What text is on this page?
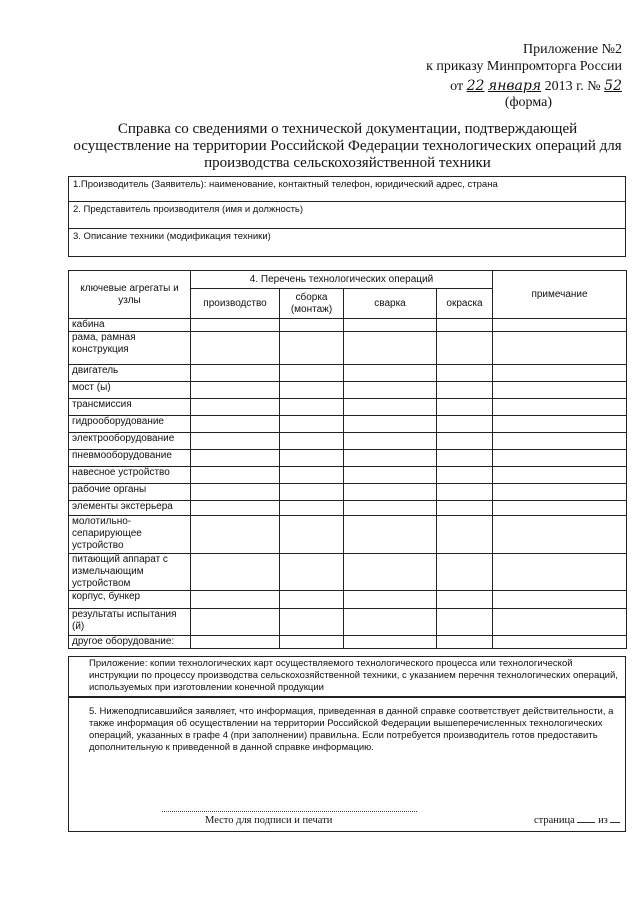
Приложение №2
к приказу Минпромторга России
от 22 января 2013 г. № 52
(форма)
Справка со сведениями о технической документации, подтверждающей осуществление на территории Российской Федерации технологических операций для производства сельскохозяйственной техники
1.Производитель (Заявитель): наименование, контактный телефон, юридический адрес, страна
2. Представитель производителя (имя и должность)
3. Описание техники (модификация техники)
ключевые агрегаты и узлы	4. Перечень технологических операций				примечание
	производство	сборка (монтаж)	сварка	окраска	
кабина					
рама, рамная конструкция					
двигатель					
мост (ы)					
трансмиссия					
гидрооборудование					
электрооборудование					
пневмооборудование					
навесное устройство					
рабочие органы					
элементы экстерьера					
молотильно-сепарирующее устройство					
питающий аппарат с измельчающим устройством					
корпус, бункер					
результаты испытания (й)					
другое оборудование:					
Приложение: копии технологических карт осуществляемого технологического процесса или технологической инструкции по процессу производства сельскохозяйственной техники, с указанием перечня технологических операций, используемых при изготовлении конечной продукции
5. Нижеподписавшийся заявляет, что информация, приведенная в данной справке соответствует действительности, а также информация об осуществлении на территории Российской Федерации вышеперечисленных технологических операций, указанных в графе 4 (при заполнении) правильна. Если потребуется производитель готов предоставить дополнительную к приведенной в данной справке информацию.
Место для подписи и печати	страница из
